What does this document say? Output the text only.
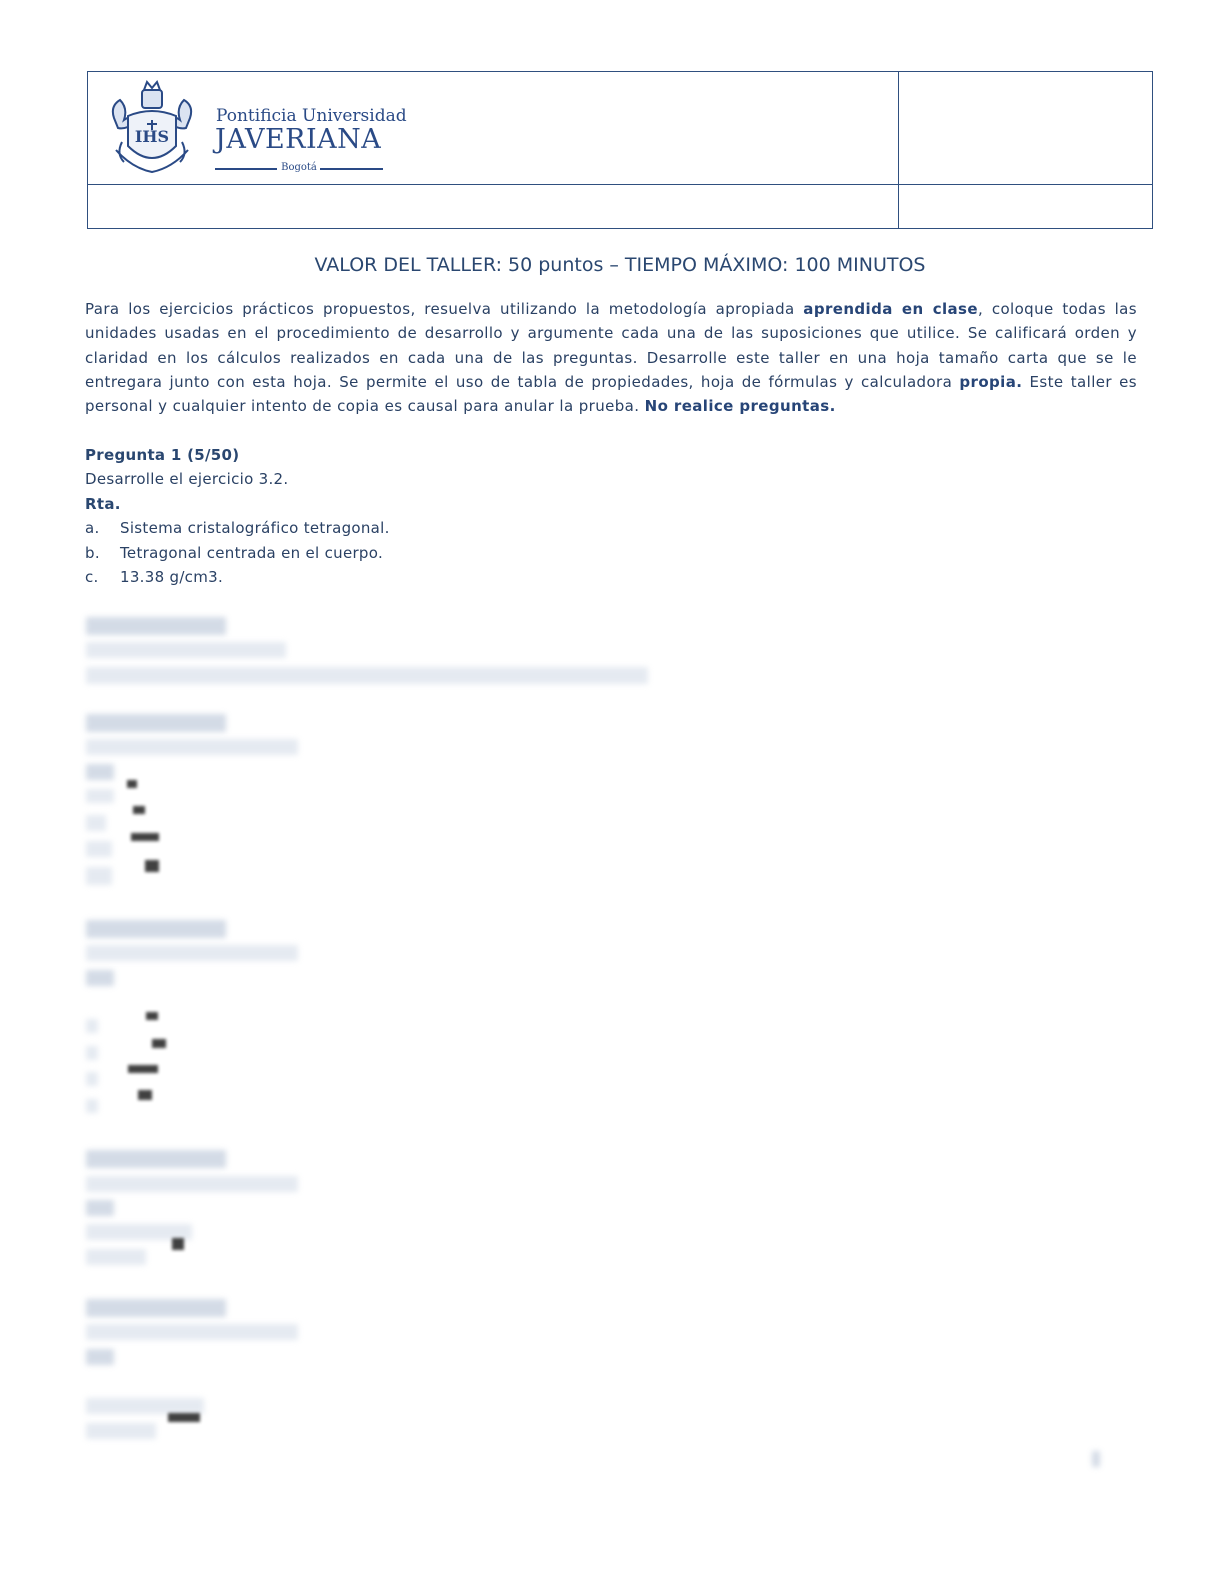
IHS
Pontificia Universidad
JAVERIANA
Bogotá
VALOR DEL TALLER: 50 puntos – TIEMPO MÁXIMO: 100 MINUTOS
Para los ejercicios prácticos propuestos, resuelva utilizando la metodología apropiada aprendida en clase, coloque todas las unidades usadas en el procedimiento de desarrollo y argumente cada una de las suposiciones que utilice. Se calificará orden y claridad en los cálculos realizados en cada una de las preguntas. Desarrolle este taller en una hoja tamaño carta que se le entregara junto con esta hoja. Se permite el uso de tabla de propiedades, hoja de fórmulas y calculadora propia. Este taller es personal y cualquier intento de copia es causal para anular la prueba. No realice preguntas.
Pregunta 1 (5/50)
Desarrolle el ejercicio 3.2.
Rta.
a. Sistema cristalográfico tetragonal.
b. Tetragonal centrada en el cuerpo.
c. 13.38 g/cm3.
